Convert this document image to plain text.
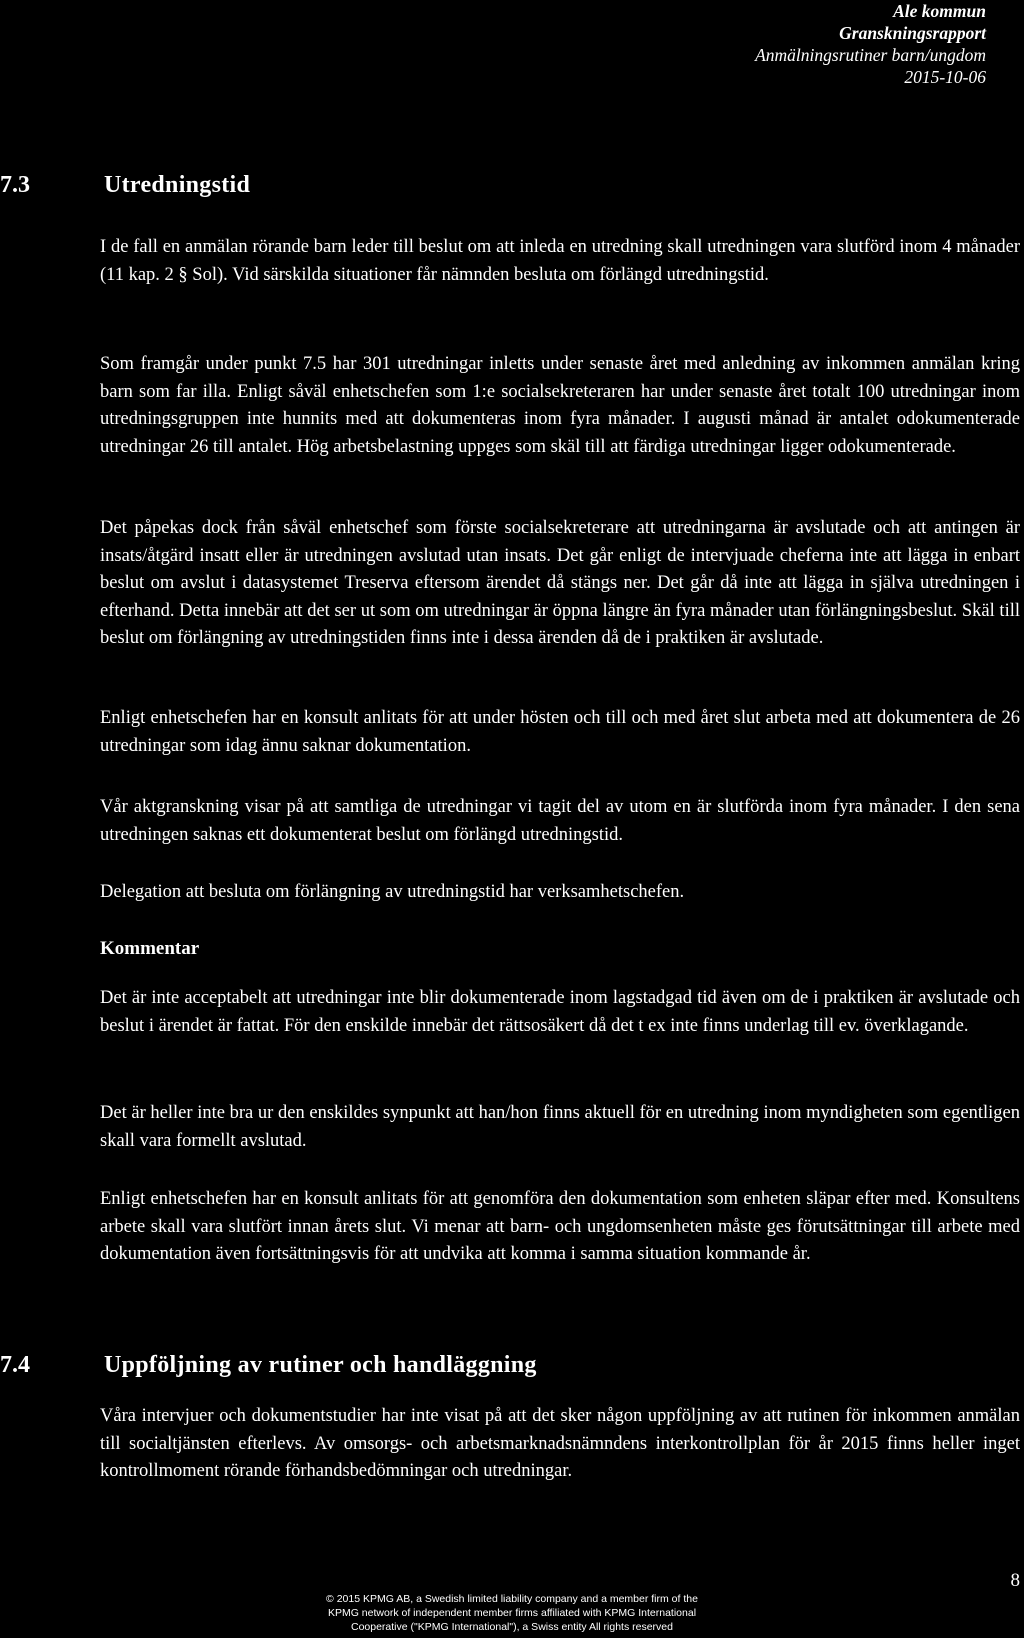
Ale kommun
Granskningsrapport
Anmälningsrutiner barn/ungdom
2015-10-06
7.3	Utredningstid

I de fall en anmälan rörande barn leder till beslut om att inleda en utredning skall utredningen vara slutförd inom 4 månader (11 kap. 2 § Sol). Vid särskilda situationer får nämnden besluta om förlängd utredningstid.

Som framgår under punkt 7.5 har 301 utredningar inletts under senaste året med anledning av inkommen anmälan kring barn som far illa. Enligt såväl enhetschefen som 1:e socialsekreteraren har under senaste året totalt 100 utredningar inom utredningsgruppen inte hunnits med att dokumenteras inom fyra månader. I augusti månad är antalet odokumenterade utredningar 26 till antalet. Hög arbetsbelastning uppges som skäl till att färdiga utredningar ligger odokumenterade.

Det påpekas dock från såväl enhetschef som förste socialsekreterare att utredningarna är avslutade och att antingen är insats/åtgärd insatt eller är utredningen avslutad utan insats. Det går enligt de intervjuade cheferna inte att lägga in enbart beslut om avslut i datasystemet Treserva eftersom ärendet då stängs ner. Det går då inte att lägga in själva utredningen i efterhand. Detta innebär att det ser ut som om utredningar är öppna längre än fyra månader utan förlängningsbeslut. Skäl till beslut om förlängning av utredningstiden finns inte i dessa ärenden då de i praktiken är avslutade.

Enligt enhetschefen har en konsult anlitats för att under hösten och till och med året slut arbeta med att dokumentera de 26 utredningar som idag ännu saknar dokumentation.

Vår aktgranskning visar på att samtliga de utredningar vi tagit del av utom en är slutförda inom fyra månader. I den sena utredningen saknas ett dokumenterat beslut om förlängd utredningstid.

Delegation att besluta om förlängning av utredningstid har verksamhetschefen.

Kommentar

Det är inte acceptabelt att utredningar inte blir dokumenterade inom lagstadgad tid även om de i praktiken är avslutade och beslut i ärendet är fattat. För den enskilde innebär det rättsosäkert då det t ex inte finns underlag till ev. överklagande.

Det är heller inte bra ur den enskildes synpunkt att han/hon finns aktuell för en utredning inom myndigheten som egentligen skall vara formellt avslutad.

Enligt enhetschefen har en konsult anlitats för att genomföra den dokumentation som enheten släpar efter med. Konsultens arbete skall vara slutfört innan årets slut. Vi menar att barn- och ungdomsenheten måste ges förutsättningar till arbete med dokumentation även fortsättningsvis för att undvika att komma i samma situation kommande år.

7.4	Uppföljning av rutiner och handläggning

Våra intervjuer och dokumentstudier har inte visat på att det sker någon uppföljning av att rutinen för inkommen anmälan till socialtjänsten efterlevs. Av omsorgs- och arbetsmarknadsnämndens interkontrollplan för år 2015 finns heller inget kontrollmoment rörande förhandsbedömningar och utredningar.

8
© 2015 KPMG AB, a Swedish limited liability company and a member firm of the
KPMG network of independent member firms affiliated with KPMG International
Cooperative ("KPMG International"), a Swiss entity All rights reserved
